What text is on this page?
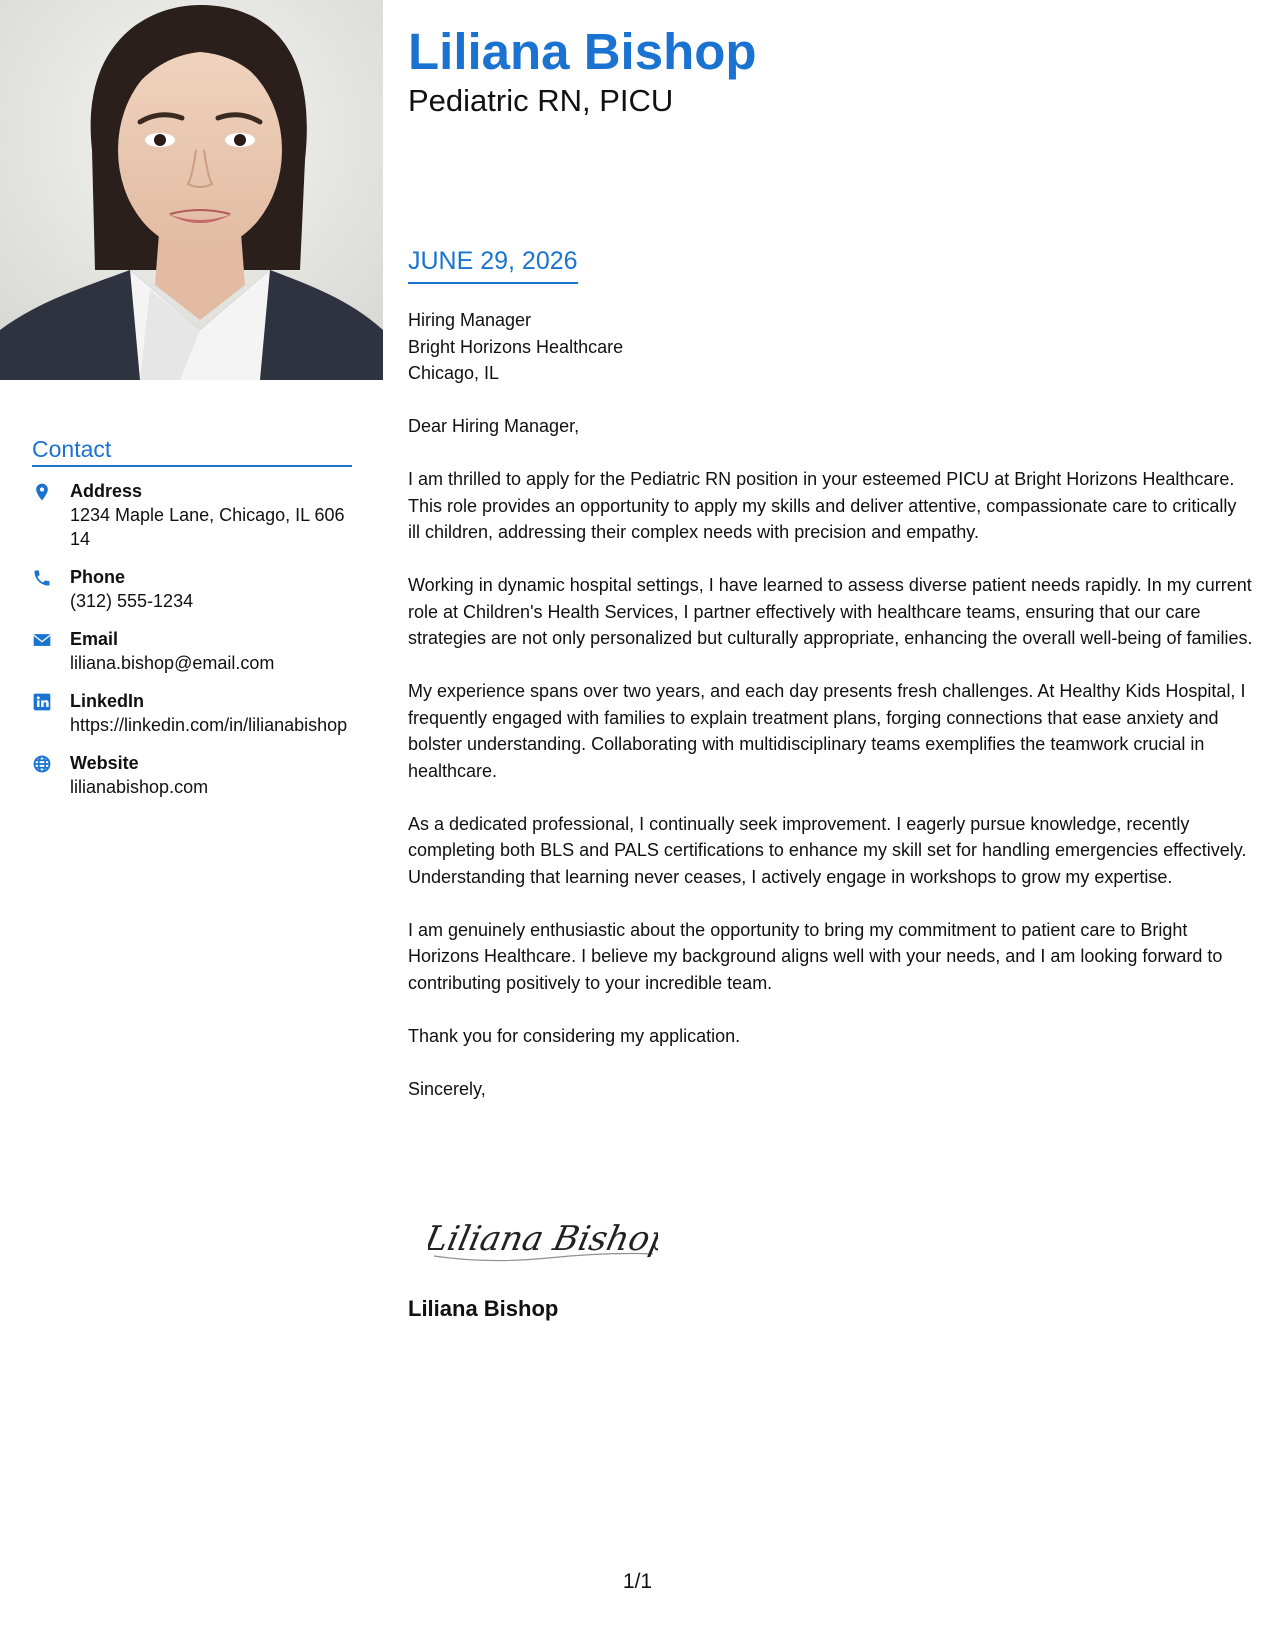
Contact
Address
1234 Maple Lane, Chicago, IL 60614
Phone
(312) 555-1234
Email
liliana.bishop@email.com
LinkedIn
https://linkedin.com/in/lilianabishop
Website
lilianabishop.com
Liliana Bishop
Pediatric RN, PICU
JUNE 29, 2026
Hiring Manager
Bright Horizons Healthcare
Chicago, IL

Dear Hiring Manager,

I am thrilled to apply for the Pediatric RN position in your esteemed PICU at Bright Horizons Healthcare. This role provides an opportunity to apply my skills and deliver attentive, compassionate care to critically ill children, addressing their complex needs with precision and empathy.

Working in dynamic hospital settings, I have learned to assess diverse patient needs rapidly. In my current role at Children's Health Services, I partner effectively with healthcare teams, ensuring that our care strategies are not only personalized but culturally appropriate, enhancing the overall well-being of families.

My experience spans over two years, and each day presents fresh challenges. At Healthy Kids Hospital, I frequently engaged with families to explain treatment plans, forging connections that ease anxiety and bolster understanding. Collaborating with multidisciplinary teams exemplifies the teamwork crucial in healthcare.

As a dedicated professional, I continually seek improvement. I eagerly pursue knowledge, recently completing both BLS and PALS certifications to enhance my skill set for handling emergencies effectively. Understanding that learning never ceases, I actively engage in workshops to grow my expertise.

I am genuinely enthusiastic about the opportunity to bring my commitment to patient care to Bright Horizons Healthcare. I believe my background aligns well with your needs, and I am looking forward to contributing positively to your incredible team.

Thank you for considering my application.

Sincerely,

Liliana Bishop
Liliana Bishop
1/1
